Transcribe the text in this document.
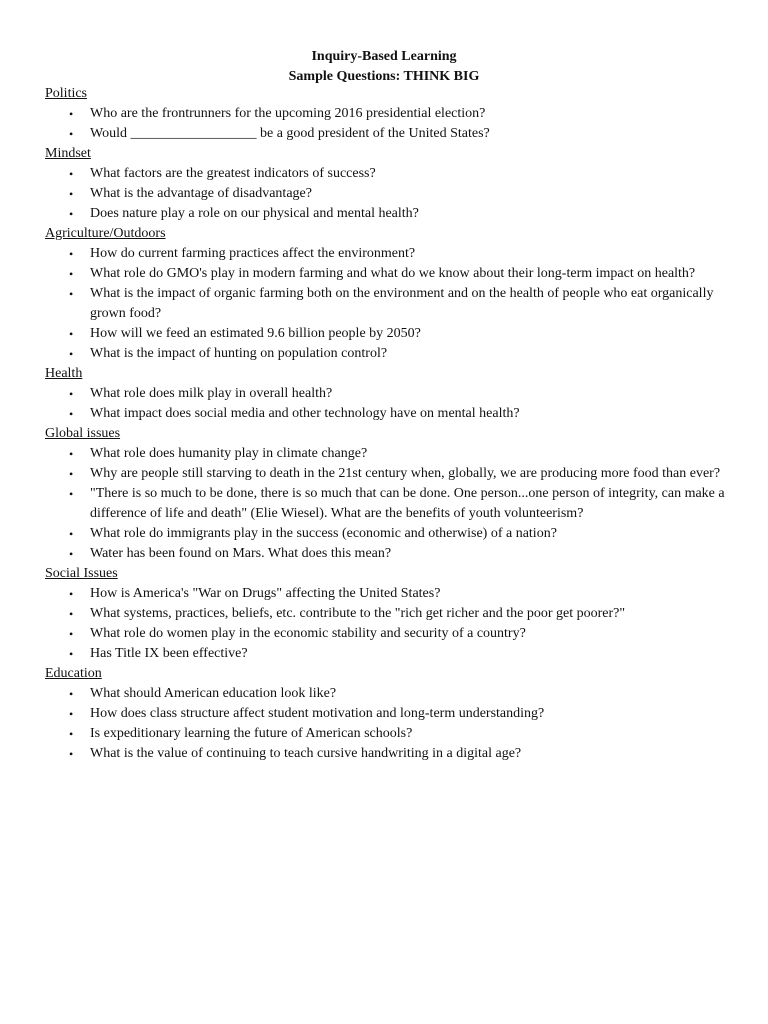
Inquiry-Based Learning
Sample Questions: THINK BIG
Politics
• Who are the frontrunners for the upcoming 2016 presidential election?
• Would __________________ be a good president of the United States?
Mindset
• What factors are the greatest indicators of success?
• What is the advantage of disadvantage?
• Does nature play a role on our physical and mental health?
Agriculture/Outdoors
• How do current farming practices affect the environment?
• What role do GMO's play in modern farming and what do we know about their long-term impact on health?
• What is the impact of organic farming both on the environment and on the health of people who eat organically grown food?
• How will we feed an estimated 9.6 billion people by 2050?
• What is the impact of hunting on population control?
Health
• What role does milk play in overall health?
• What impact does social media and other technology have on mental health?
Global issues
• What role does humanity play in climate change?
• Why are people still starving to death in the 21st century when, globally, we are producing more food than ever?
• "There is so much to be done, there is so much that can be done. One person...one person of integrity, can make a difference of life and death" (Elie Wiesel). What are the benefits of youth volunteerism?
• What role do immigrants play in the success (economic and otherwise) of a nation?
• Water has been found on Mars. What does this mean?
Social Issues
• How is America's "War on Drugs" affecting the United States?
• What systems, practices, beliefs, etc. contribute to the "rich get richer and the poor get poorer?"
• What role do women play in the economic stability and security of a country?
• Has Title IX been effective?
Education
• What should American education look like?
• How does class structure affect student motivation and long-term understanding?
• Is expeditionary learning the future of American schools?
• What is the value of continuing to teach cursive handwriting in a digital age?
